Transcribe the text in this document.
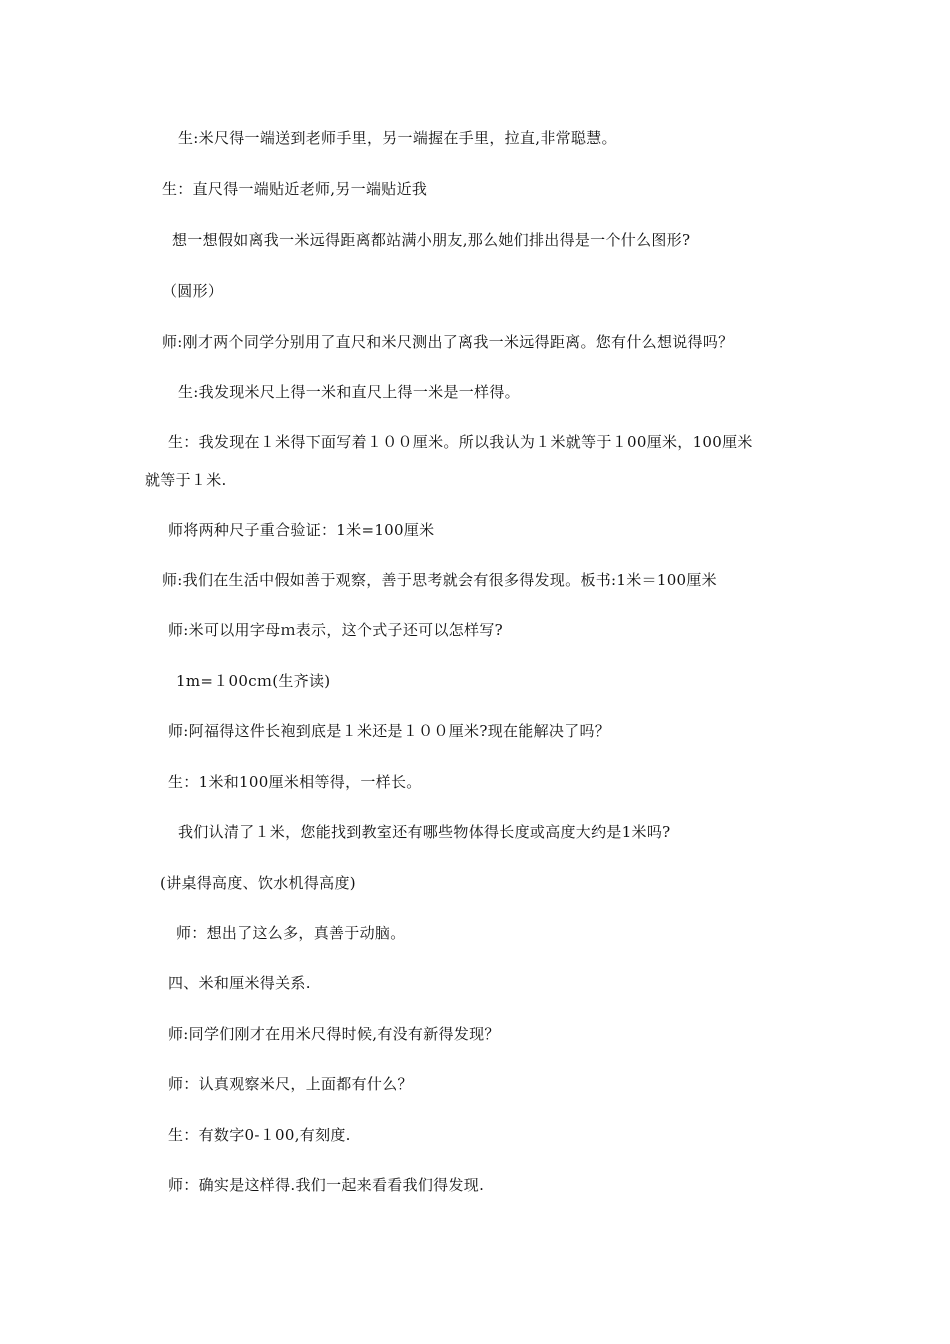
生:米尺得一端送到老师手里，另一端握在手里，拉直,非常聪慧。
生：直尺得一端贴近老师,另一端贴近我
想一想假如离我一米远得距离都站满小朋友,那么她们排出得是一个什么图形?
（圆形）
师:刚才两个同学分别用了直尺和米尺测出了离我一米远得距离。您有什么想说得吗？
生:我发现米尺上得一米和直尺上得一米是一样得。
生：我发现在１米得下面写着１００厘米。所以我认为１米就等于１00厘米，100厘米
就等于１米.
师将两种尺子重合验证：1米=100厘米
师:我们在生活中假如善于观察，善于思考就会有很多得发现。板书:1米＝100厘米
师:米可以用字母ｍ表示，这个式子还可以怎样写?
1m=１00cｍ(生齐读)
师:阿福得这件长袍到底是１米还是１００厘米?现在能解决了吗？
生：1米和100厘米相等得，一样长。
我们认清了１米，您能找到教室还有哪些物体得长度或高度大约是1米吗?
(讲桌得高度、饮水机得高度)
师：想出了这么多，真善于动脑。
四、米和厘米得关系.
师:同学们刚才在用米尺得时候,有没有新得发现？
师：认真观察米尺，上面都有什么？
生：有数字0-１00,有刻度.
师：确实是这样得.我们一起来看看我们得发现.
